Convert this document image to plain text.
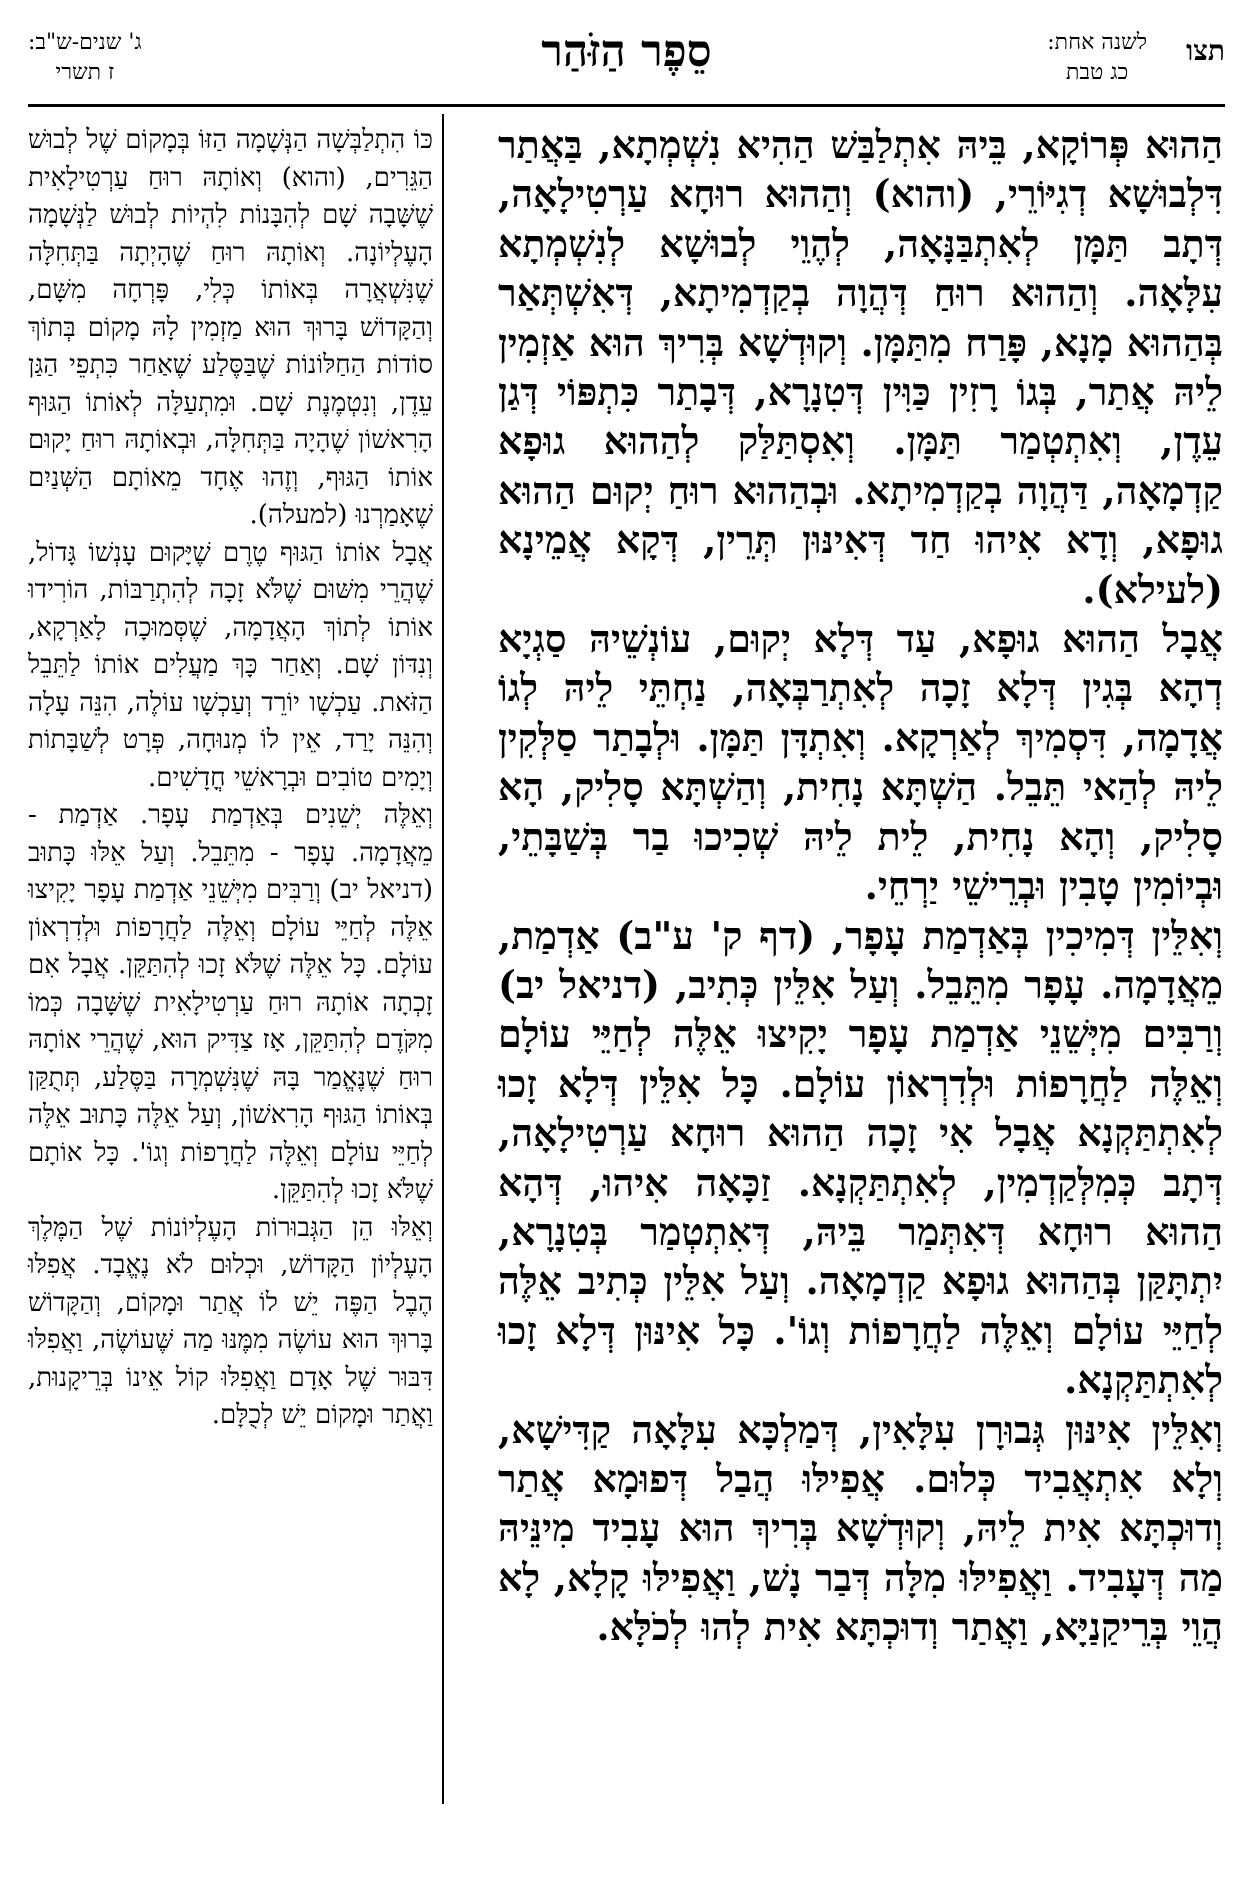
תצו
לשנה אחת:
כג טבת
סֵפֶר הַזֹּהַר
ג' שנים-ש"ב:
ז תשרי

הַהוּא פְּרוֹקָא, בֵּיהּ אִתְלַבַּשׁ הַהִיא נִשְׁמְתָא, בַּאֲתַר דִּלְבוּשָׁא דְגִיּוֹרֵי, (והוא) וְהַהוּא רוּחָא עַרְטִילָאָה, דְּתָב תַּמָּן לְאִתְבַּנָּאָה, לְהֶוֵי לְבוּשָׁא לְנִשְׁמְתָא עִלָּאָה. וְהַהוּא רוּחַ דְּהֲוָה בְקַדְמִיתָא, דְּאִשְׁתְּאַר בְּהַהוּא מָנָא, פָּרַח מִתַּמָּן. וְקוּדְשָׁא בְּרִיךְ הוּא אַזְמִין לֵיהּ אֲתַר, בְּגוֹ רָזִין כַּוִּין דְּטִנָרָא, דְּבָתַר כִּתְפּוֹי דְּגַן עֵדֶן, וְאִתְטְמַר תַּמָּן. וְאִסְתַּלַּק לְהַהוּא גוּפָא קַדְמָאָה, דַּהֲוָה בְקַדְמִיתָא. וּבְהַהוּא רוּחַ יְקוּם הַהוּא גוּפָא, וְדָא אִיהוּ חַד דְּאִינּוּן תְּרֵין, דְּקָא אֲמֵינָא (לעילא).

אֲבָל הַהוּא גוּפָא, עַד דְּלָא יְקוּם, עוֹנְשֵׁיהּ סַגְיָא דְהָא בְּגִין דְּלָא זָכָה לְאִתְרַבְּאָה, נַחְתֵּי לֵיהּ לְגוֹ אֲדָמָה, דִּסְמִיךְ לְאַרְקָא. וְאִתְדָּן תַּמָּן. וּלְבָתַר סַלְּקִין לֵיהּ לְהַאי תֵּבֵל. הַשְׁתָּא נָחִית, וְהַשְׁתָּא סָלִיק, הָא סָלִיק, וְהָא נָחִית, לֵית לֵיהּ שְׁכִיכוּ בַר בְּשַׁבָּתֵי, וּבְיוֹמִין טָבִין וּבְרֵישֵׁי יַרְחֵי.

וְאִלֵּין דְּמִיכִין בְּאַדְמַת עָפָר, (דף ק' ע"ב) אַדְמַת, מֵאֲדָמָה. עָפָר מִתֵּבֵל. וְעַל אִלֵּין כְּתִיב, (דניאל יב) וְרַבִּים מִיְּשֵׁנֵי אַדְמַת עָפָר יָקִיצוּ אֵלֶּה לְחַיֵּי עוֹלָם וְאֵלֶּה לַחֲרָפוֹת וּלְדִרְאוֹן עוֹלָם. כָּל אִלֵּין דְּלָא זָכוּ לְאִתְתַּקְנָא אֲבָל אִי זָכָה הַהוּא רוּחָא עַרְטִילָאָה, דְּתָב כְּמִלְּקַדְמִין, לְאִתְתַּקְנָא. זַכָּאָה אִיהוּ, דְּהָא הַהוּא רוּחָא דְּאִתְּמַר בֵּיהּ, דְּאִתְטְמַר בְּטִנָרָא, יִתְתָּקַּן בְּהַהוּא גוּפָא קַדְמָאָה. וְעַל אִלֵּין כְּתִיב אֵלֶּה לְחַיֵּי עוֹלָם וְאֵלֶּה לַחֲרָפוֹת וְגוֹ'. כָּל אִינּוּן דְּלָא זָכוּ לְאִתְתַּקְנָא.

וְאִלֵּין אִינּוּן גְּבוּרָן עִלָּאִין, דְּמַלְכָּא עִלָּאָה קַדִּישָׁא, וְלָא אִתְאֲבִיד כְּלוּם. אֲפִילּוּ הֲבַל דְּפוּמָא אֲתַר וְדוּכְתָּא אִית לֵיהּ, וְקוּדְשָׁא בְּרִיךְ הוּא עָבִיד מִינֵּיהּ מַה דְּעָבִיד. וַאֲפִילּוּ מִלָּה דְּבַר נָשׁ, וַאֲפִילּוּ קָלָא, לָא הֲוֵי בְּרֵיקַנַיָּא, וַאֲתַר וְדוּכְתָּא אִית לְהוּ לְכֹלָּא.

כּוֹ הִתְלַבְּשָׁה הַנְּשָׁמָה הַזּוֹ בְּמָקוֹם שֶׁל לְבוּשׁ הַגֵּרִים, (והוא) וְאוֹתָהּ רוּחַ עַרְטִילָאִית שֶׁשָּׁבָה שָׁם לְהִבָּנוֹת לִהְיוֹת לְבוּשׁ לַנְּשָׁמָה הָעֶלְיוֹנָה. וְאוֹתָהּ רוּחַ שֶׁהָיְתָה בַּתְּחִלָּה שֶׁנִּשְׁאֲרָה בְּאוֹתוֹ כְּלִי, פָּרְחָה מִשָּׁם, וְהַקָּדוֹשׁ בָּרוּךְ הוּא מַזְמִין לָהּ מָקוֹם בְּתוֹךְ סוֹדוֹת הַחַלּוֹנוֹת שֶׁבַּסֶּלַע שֶׁאַחַר כִּתְפֵי הַגַּן עֵדֶן, וְנִטְמֶנֶת שָׁם. וּמִתְעַלָּה לְאוֹתוֹ הַגּוּף הָרִאשׁוֹן שֶׁהָיָה בַּתְּחִלָּה, וּבְאוֹתָהּ רוּחַ יָקוּם אוֹתוֹ הַגּוּף, וְזֶהוּ אֶחָד מֵאוֹתָם הַשְּׁנַיִם שֶׁאָמַרְנוּ (למעלה).

אֲבָל אוֹתוֹ הַגּוּף טֶרֶם שֶׁיָּקוּם עָנְשׁוֹ גָּדוֹל, שֶׁהֲרֵי מִשּׁוּם שֶׁלֹּא זָכָה לְהִתְרַבּוֹת, הוֹרִידוּ אוֹתוֹ לְתוֹךְ הָאֲדָמָה, שֶׁסְּמוּכָה לָאַרְקָא, וְנִדּוֹן שָׁם. וְאַחַר כָּךְ מַעֲלִים אוֹתוֹ לַתֵּבֵל הַזֹּאת. עַכְשָׁו יוֹרֵד וְעַכְשָׁו עוֹלֶה, הִנֵּה עָלָה וְהִנֵּה יָרַד, אֵין לוֹ מְנוּחָה, פְּרָט לְשַׁבָּתוֹת וְיָמִים טוֹבִים וּבְרָאשֵׁי חֳדָשִׁים.

וְאֵלֶּה יְשֵׁנִים בְּאַדְמַת עָפָר. אַדְמַת - מֵאֲדָמָה. עָפָר - מִתֵּבֵל. וְעַל אֵלּוּ כָּתוּב (דניאל יב) וְרַבִּים מִיְּשֵׁנֵי אַדְמַת עָפָר יָקִיצוּ אֵלֶּה לְחַיֵּי עוֹלָם וְאֵלֶּה לַחֲרָפוֹת וּלְדִרְאוֹן עוֹלָם. כָּל אֵלֶּה שֶׁלֹּא זָכוּ לְהִתַּקֵּן. אֲבָל אִם זָכְתָה אוֹתָהּ רוּחַ עַרְטִילָאִית שֶׁשָּׁבָה כְּמוֹ מִקֹּדֶם לְהִתַּקֵּן, אָז צַדִּיק הוּא, שֶׁהֲרֵי אוֹתָהּ רוּחַ שֶׁנֶּאֱמַר בָּהּ שֶׁנִּשְׁמְרָה בַּסֶּלַע, תְּתֻקַּן בְּאוֹתוֹ הַגּוּף הָרִאשׁוֹן, וְעַל אֵלֶּה כָּתוּב אֵלֶּה לְחַיֵּי עוֹלָם וְאֵלֶּה לַחֲרָפוֹת וְגוֹ'. כָּל אוֹתָם שֶׁלֹּא זָכוּ לְהִתַּקֵּן.

וְאֵלּוּ הֵן הַגְּבוּרוֹת הָעֶלְיוֹנוֹת שֶׁל הַמֶּלֶךְ הָעֶלְיוֹן הַקָּדוֹשׁ, וּכְלוּם לֹא נֶאֱבָד. אֲפִלּוּ הֶבֶל הַפֶּה יֵשׁ לוֹ אֲתַר וּמָקוֹם, וְהַקָּדוֹשׁ בָּרוּךְ הוּא עוֹשֶׂה מִמֶּנּוּ מַה שֶּׁעוֹשֶׂה, וַאֲפִלּוּ דִּבּוּר שֶׁל אָדָם וַאֲפִלּוּ קוֹל אֵינוֹ בְּרֵיקָנוּת, וַאֲתַר וּמָקוֹם יֵשׁ לְכֻלָּם.
